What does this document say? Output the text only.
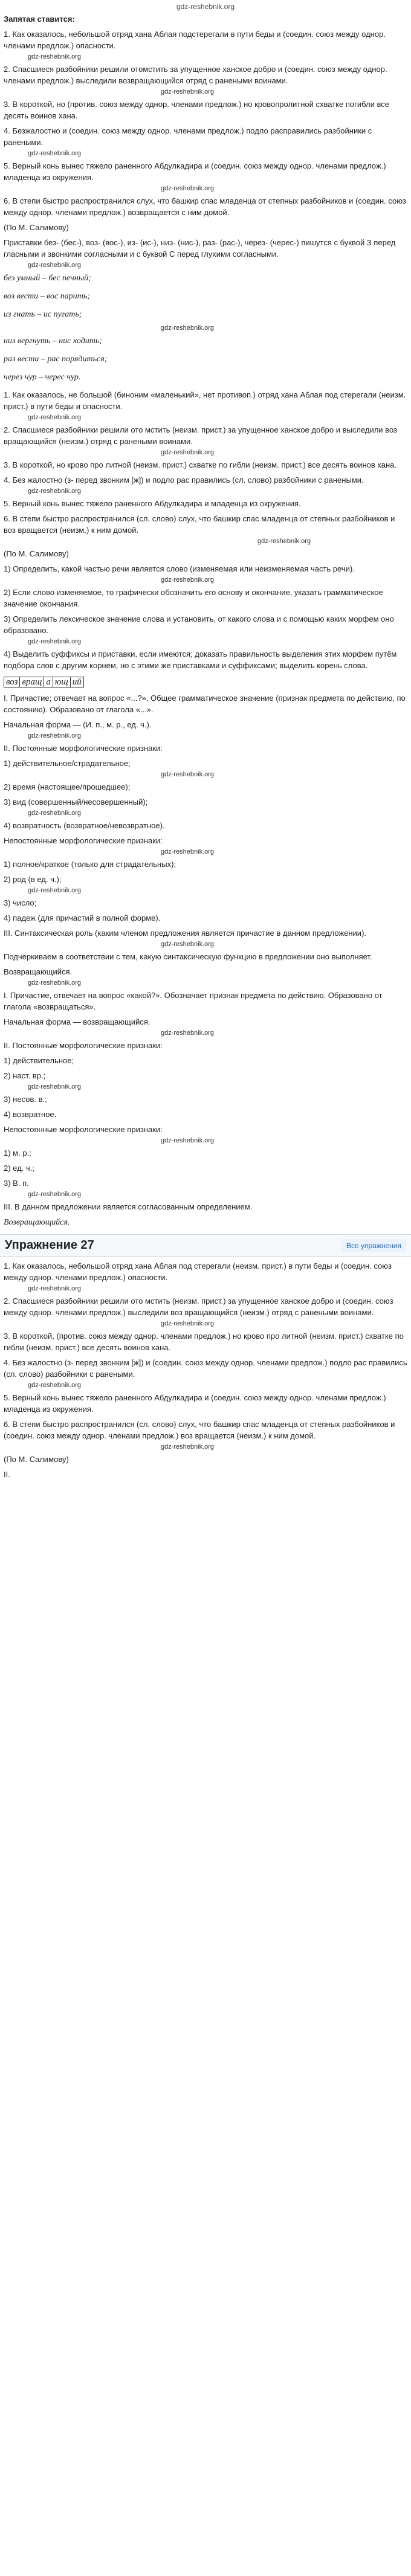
gdz-reshebnik.org
Запятая ставится:
1. Как оказалось, небольшой отряд хана Аблая подстерегали в пути беды и (соедин. союз между однор. членами предлож.) опасности.
gdz-reshebnik.org
2. Спасшиеся разбойники решили отомстить за упущенное ханское добро и (соедин. союз между однор. членами предлож.) выследили возвращающийся отряд с ранеными воинами.
gdz-reshebnik.org
3. В короткой, но (против. союз между однор. членами предлож.) но кровопролитной схватке погибли все десять воинов хана.
4. Безжалостно и (соедин. союз между однор. членами предлож.) подло расправились разбойники с ранеными.
gdz-reshebnik.org
5. Верный конь вынес тяжело раненного Абдулкадира и (соедин. союз между однор. членами предлож.) младенца из окружения.
gdz-reshebnik.org
6. В степи быстро распространился слух, что башкир спас младенца от степных разбойников и (соедин. союз между однор. членами предлож.) возвращается с ним домой.
(По М. Салимову)
Приставки без- (бес-), воз- (вос-), из- (ис-), низ- (нис-), раз- (рас-), через- (черес-) пишутся с буквой З перед гласными и звонкими согласными и с буквой С перед глухими согласными.
gdz-reshebnik.org
без умный – бес печный;
воз вести – вос парить;
из гнать – ис пугать;
gdz-reshebnik.org
низ вергнуть – нис ходить;
раз вести – рас порядиться;
через чур – черес чур.
1. Как оказалось, не большой (биноним «маленький», нет противоп.) отряд хана Аблая под стерегали (неизм. прист.) в пути беды и опасности.
gdz-reshebnik.org
2. Спасшиеся разбойники решили ото мстить (неизм. прист.) за упущенное ханское добро и выследили воз вращающийся (неизм.) отряд с ранеными воинами.
gdz-reshebnik.org
3. В короткой, но крово про литной (неизм. прист.) схватке по гибли (неизм. прист.) все десять воинов хана.
4. Без жалостно (з- перед звонким [ж]) и подло рас правились (сл. слово) разбойники с ранеными.
gdz-reshebnik.org
5. Верный конь вынес тяжело раненного Абдулкадира и младенца из окружения.
6. В степи быстро распространился (сл. слово) слух, что башкир спас младенца от степных разбойников и воз вращается (неизм.) к ним домой.
gdz-reshebnik.org
(По М. Салимову)
1) Определить, какой частью речи является слово (изменяемая или неизменяемая часть речи).
gdz-reshebnik.org
2) Если слово изменяемое, то графически обозначить его основу и окончание, указать грамматическое значение окончания.
3) Определить лексическое значение слова и установить, от какого слова и с помощью каких морфем оно образовано.
gdz-reshebnik.org
4) Выделить суффиксы и приставки, если имеются; доказать правильность выделения этих морфем путём подбора слов с другим корнем, но с этими же приставками и суффиксами; выделить корень слова.
воз вращ а ющ ий
I. Причастие; отвечает на вопрос «...?». Общее грамматическое значение (признак предмета по действию, по состоянию). Образовано от глагола «...».
Начальная форма — (И. п., м. р., ед. ч.).
gdz-reshebnik.org
II. Постоянные морфологические признаки:
1) действительное/страдательное;
gdz-reshebnik.org
2) время (настоящее/прошедшее);
3) вид (совершенный/несовершенный);
gdz-reshebnik.org
4) возвратность (возвратное/невозвратное).
Непостоянные морфологические признаки:
gdz-reshebnik.org
1) полное/краткое (только для страдательных);
2) род (в ед. ч.);
gdz-reshebnik.org
3) число;
4) падеж (для причастий в полной форме).
III. Синтаксическая роль (каким членом предложения является причастие в данном предложении).
gdz-reshebnik.org
Подчёркиваем в соответствии с тем, какую синтаксическую функцию в предложении оно выполняет.
Возвращающийся.
gdz-reshebnik.org
I. Причастие, отвечает на вопрос «какой?». Обозначает признак предмета по действию. Образовано от глагола «возвращаться».
Начальная форма — возвращающийся.
gdz-reshebnik.org
II. Постоянные морфологические признаки:
1) действительное;
2) наст. вр.;
gdz-reshebnik.org
3) несов. в.;
4) возвратное.
Непостоянные морфологические признаки:
gdz-reshebnik.org
1) м. р.;
2) ед. ч.;
3) В. п.
gdz-reshebnik.org
III. В данном предложении является согласованным определением.
Возвращающийся.
Упражнение 27	Все упражнения
1. Как оказалось, небольшой отряд хана Аблая под стерегали (неизм. прист.) в пути беды и (соедин. союз между однор. членами предлож.) опасности.
gdz-reshebnik.org
2. Спасшиеся разбойники решили ото мстить (неизм. прист.) за упущенное ханское добро и (соедин. союз между однор. членами предлож.) выследили воз вращающийся (неизм.) отряд с ранеными воинами.
gdz-reshebnik.org
3. В короткой, (против. союз между однор. членами предлож.) но крово про литной (неизм. прист.) схватке по гибли (неизм. прист.) все десять воинов хана.
4. Без жалостно (з- перед звонким [ж]) и (соедин. союз между однор. членами предлож.) подло рас правились (сл. слово) разбойники с ранеными.
gdz-reshebnik.org
5. Верный конь вынес тяжело раненного Абдулкадира и (соедин. союз между однор. членами предлож.) младенца из окружения.
6. В степи быстро распространился (сл. слово) слух, что башкир спас младенца от степных разбойников и (соедин. союз между однор. членами предлож.) воз вращается (неизм.) к ним домой.
gdz-reshebnik.org
(По М. Салимову)
II.
